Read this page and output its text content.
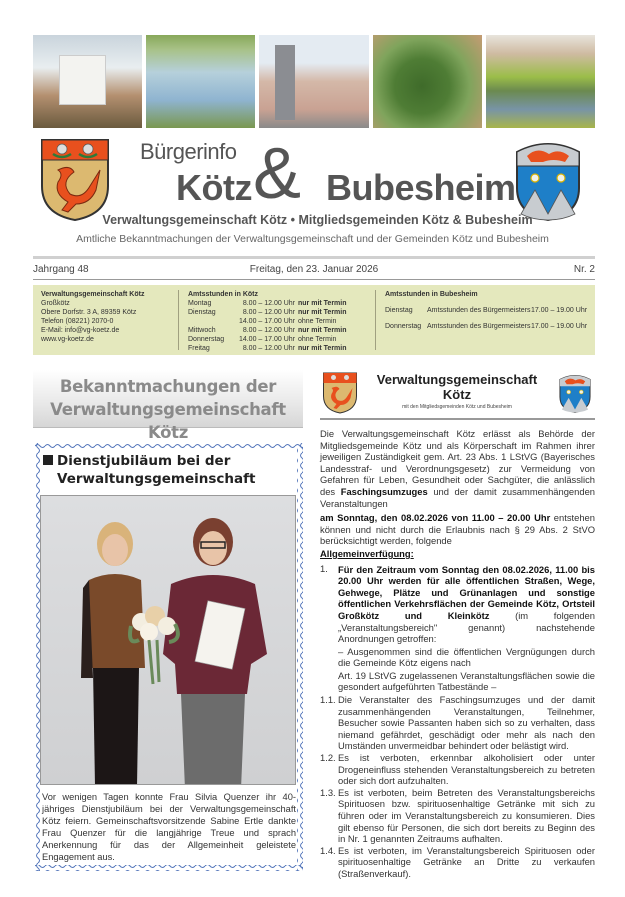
Bürgerinfo
Kötz & Bubesheim
Verwaltungsgemeinschaft Kötz • Mitgliedsgemeinden Kötz & Bubesheim
Amtliche Bekanntmachungen der Verwaltungsgemeinschaft und der Gemeinden Kötz und Bubesheim
Jahrgang 48	Freitag, den 23. Januar 2026	Nr. 2
Verwaltungsgemeinschaft Kötz
Großkötz
Obere Dorfstr. 3 A, 89359 Kötz
Telefon (08221) 2070-0
E-Mail: info@vg-koetz.de
www.vg-koetz.de
Amtsstunden in Kötz
Montag	8.00 – 12.00 Uhr nur mit Termin
Dienstag	8.00 – 12.00 Uhr nur mit Termin
14.00 – 17.00 Uhr ohne Termin
Mittwoch	8.00 – 12.00 Uhr nur mit Termin
Donnerstag	14.00 – 17.00 Uhr ohne Termin
Freitag	8.00 – 12.00 Uhr nur mit Termin
Amtsstunden in Bubesheim
Dienstag	Amtsstunden des Bürgermeisters 17.00 – 19.00 Uhr
Donnerstag Amtsstunden des Bürgermeisters 17.00 – 19.00 Uhr
Bekanntmachungen der
Verwaltungsgemeinschaft Kötz
Dienstjubiläum bei der
Verwaltungsgemeinschaft
Vor wenigen Tagen konnte Frau Silvia Quenzer ihr 40-jähriges Dienstjubiläum bei der Verwaltungsgemeinschaft Kötz feiern. Gemeinschaftsvorsitzende Sabine Ertle dankte Frau Quenzer für die langjährige Treue und sprach Anerkennung für das der Allgemeinheit geleistete Engagement aus.
Verwaltungsgemeinschaft
Kötz
mit den Mitgliedsgemeinden Kötz und Bubesheim

Die Verwaltungsgemeinschaft Kötz erlässt als Behörde der Mitgliedsgemeinde Kötz und als Körperschaft im Rahmen ihrer jeweiligen Zuständigkeit gem. Art. 23 Abs. 1 LStVG (Bayerisches Landesstraf- und Verordnungsgesetz) zur Vermeidung von Gefahren für Leben, Gesundheit oder Sachgüter, die anlässlich des Faschingsumzuges und der damit zusammenhängenden Veranstaltungen

am Sonntag, den 08.02.2026 von 11.00 – 20.00 Uhr entstehen können und nicht durch die Erlaubnis nach § 29 Abs. 2 StVO berücksichtigt werden, folgende

Allgemeinverfügung:

1.	Für den Zeitraum vom Sonntag den 08.02.2026, 11.00 bis 20.00 Uhr werden für alle öffentlichen Straßen, Wege, Gehwege, Plätze und Grünanlagen und sonstige öffentlichen Verkehrsflächen der Gemeinde Kötz, Ortsteil Großkötz und Kleinkötz (im folgenden „Veranstaltungsbereich" genannt) nachstehende Anordnungen getroffen:

– Ausgenommen sind die öffentlichen Vergnügungen durch die Gemeinde Kötz eigens nach

Art. 19 LStVG zugelassenen Veranstaltungsflächen sowie die gesondert aufgeführten Tatbestände –

1.1. Die Veranstalter des Faschingsumzuges und der damit zusammenhängenden Veranstaltungen, Teilnehmer, Besucher sowie Passanten haben sich so zu verhalten, dass niemand gefährdet, geschädigt oder mehr als nach den Umständen unvermeidbar behindert oder belästigt wird.
1.2. Es ist verboten, erkennbar alkoholisiert oder unter Drogeneinfluss stehenden Veranstaltungsbereich zu betreten oder sich dort aufzuhalten.
1.3. Es ist verboten, beim Betreten des Veranstaltungsbereichs Spirituosen bzw. spirituosenhaltige Getränke mit sich zu führen oder im Veranstaltungsbereich zu konsumieren. Dies gilt ebenso für Personen, die sich dort bereits zu Beginn des in Nr. 1 genannten Zeitraums aufhalten.
1.4. Es ist verboten, im Veranstaltungsbereich Spirituosen oder spirituosenhaltige Getränke an Dritte zu verkaufen (Straßenverkauf).
